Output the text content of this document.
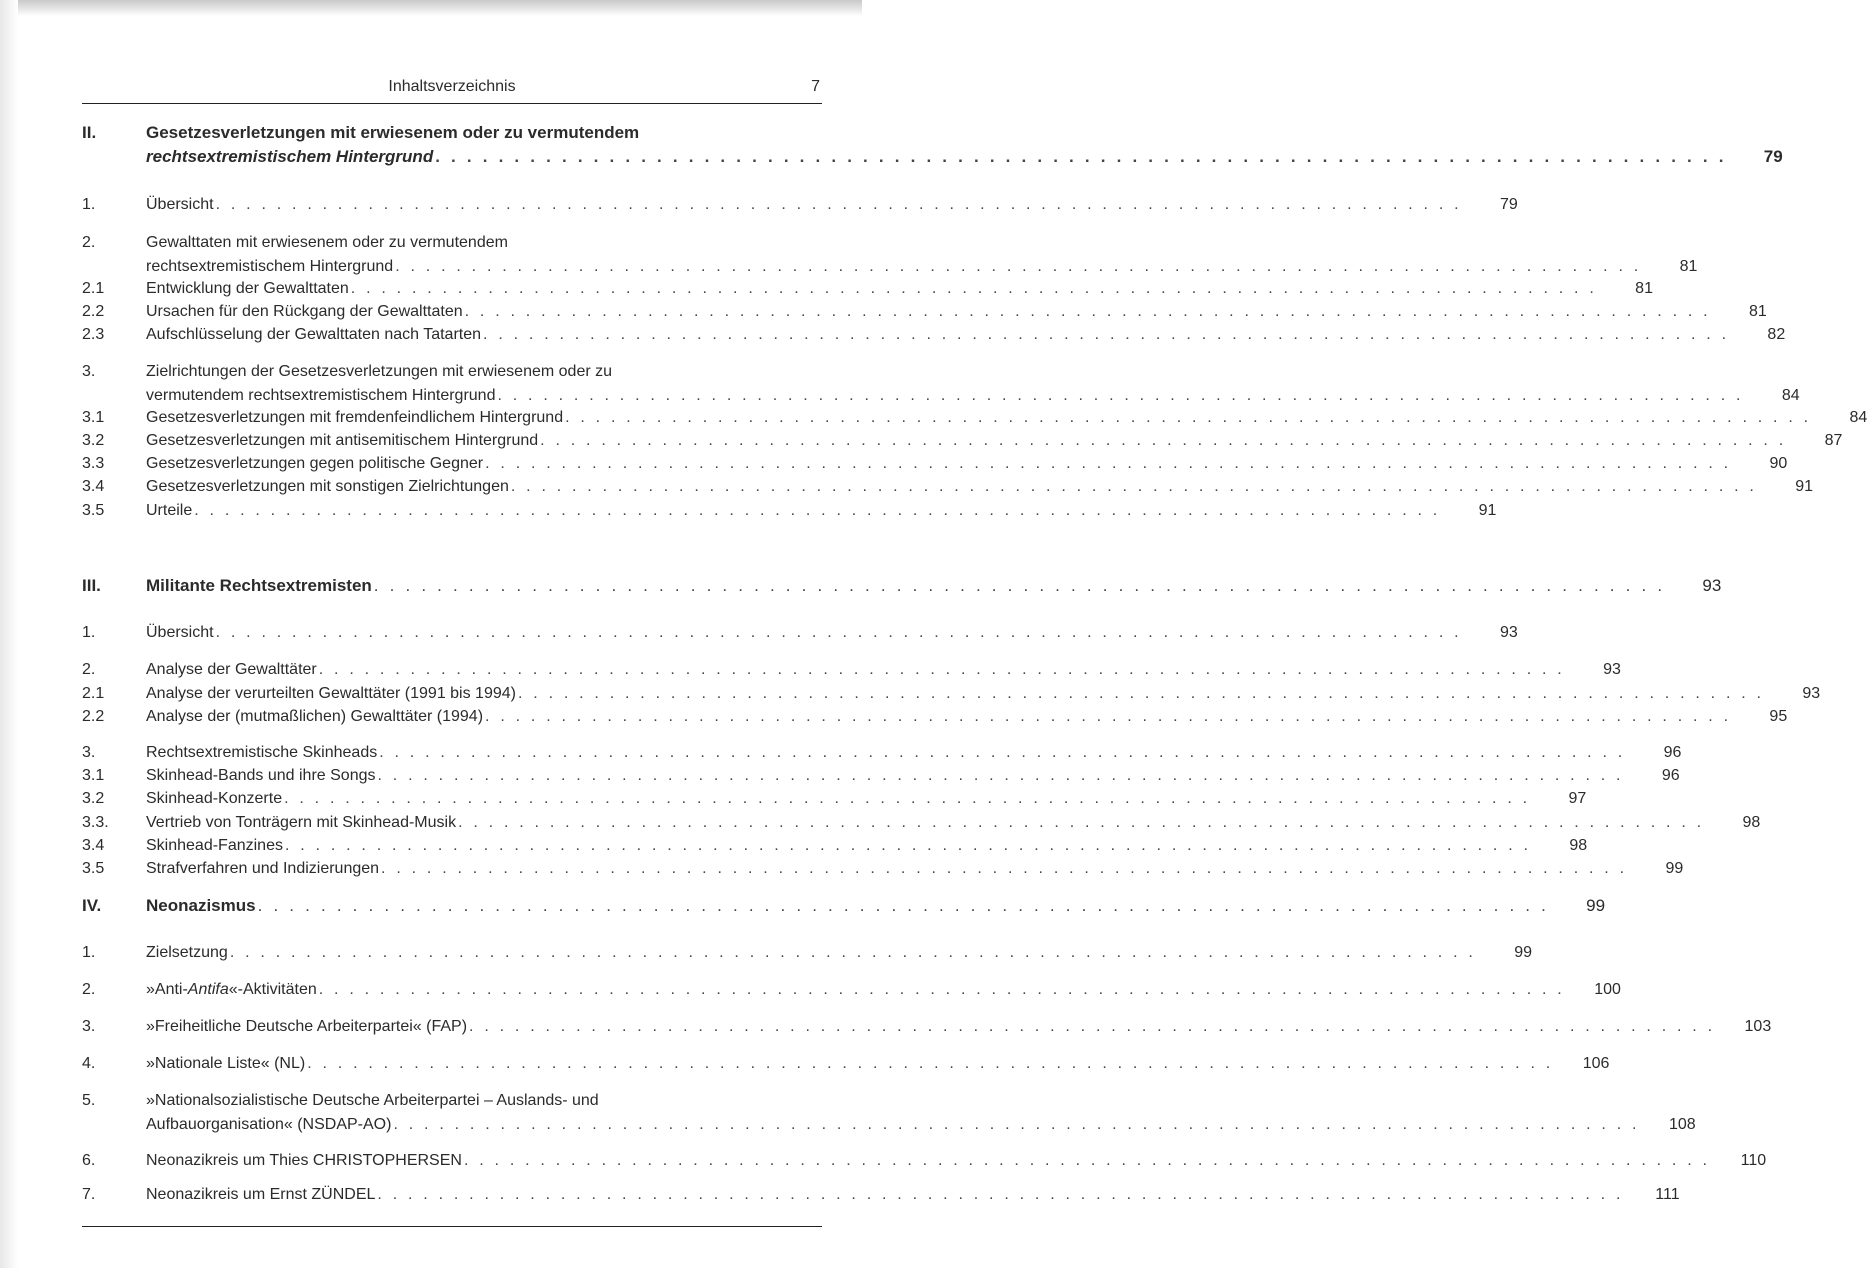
Inhaltsverzeichnis	7
II.	Gesetzesverletzungen mit erwiesenem oder zu vermutendem
rechtsextremistischem Hintergrund . . . . . . . . . . . . . . . . . . . . . . . . . . . . . . . . . . . . . . . . . . . . . . . . . . . . . . . . . . . . . . . . . . . . . . . . . . . . . . . . . .	79
1.	Übersicht . . . . . . . . . . . . . . . . . . . . . . . . . . . . . . . . . . . . . . . . . . . . . . . . . . . . . . . . . . . . . . . . . . . . . . . . . . . . . . . . . .	79
2.	Gewalttaten mit erwiesenem oder zu vermutendem
rechtsextremistischem Hintergrund . . . . . . . . . . . . . . . . . . . . . . . . . . . . . . . . . . . . . . . . . . . . . . . . . . . . . . . . . . . . . . . . . . . . . . . . . . . . . . . . . .	81
2.1	Entwicklung der Gewalttaten . . . . . . . . . . . . . . . . . . . . . . . . . . . . . . . . . . . . . . . . . . . . . . . . . . . . . . . . . . . . . . . . . . . . . . . . . . . . . . . . . .	81
2.2	Ursachen für den Rückgang der Gewalttaten . . . . . . . . . . . . . . . . . . . . . . . . . . . . . . . . . . . . . . . . . . . . . . . . . . . . . . . . . . . . . . . . . . . . . . . . . . . . . . . . . .	81
2.3	Aufschlüsselung der Gewalttaten nach Tatarten . . . . . . . . . . . . . . . . . . . . . . . . . . . . . . . . . . . . . . . . . . . . . . . . . . . . . . . . . . . . . . . . . . . . . . . . . . . . . . . . . .	82
3.	Zielrichtungen der Gesetzesverletzungen mit erwiesenem oder zu
vermutendem rechtsextremistischem Hintergrund . . . . . . . . . . . . . . . . . . . . . . . . . . . . . . . . . . . . . . . . . . . . . . . . . . . . . . . . . . . . . . . . . . . . . . . . . . . . . . . . . .	84
3.1	Gesetzesverletzungen mit fremdenfeindlichem Hintergrund . . . . . . . . . . . . . . . . . . . . . . . . . . . . . . . . . . . . . . . . . . . . . . . . . . . . . . . . . . . . . . . . . . . . . . . . . . . . . . . . . .	84
3.2	Gesetzesverletzungen mit antisemitischem Hintergrund . . . . . . . . . . . . . . . . . . . . . . . . . . . . . . . . . . . . . . . . . . . . . . . . . . . . . . . . . . . . . . . . . . . . . . . . . . . . . . . . . .	87
3.3	Gesetzesverletzungen gegen politische Gegner . . . . . . . . . . . . . . . . . . . . . . . . . . . . . . . . . . . . . . . . . . . . . . . . . . . . . . . . . . . . . . . . . . . . . . . . . . . . . . . . . .	90
3.4	Gesetzesverletzungen mit sonstigen Zielrichtungen . . . . . . . . . . . . . . . . . . . . . . . . . . . . . . . . . . . . . . . . . . . . . . . . . . . . . . . . . . . . . . . . . . . . . . . . . . . . . . . . . .	91
3.5	Urteile . . . . . . . . . . . . . . . . . . . . . . . . . . . . . . . . . . . . . . . . . . . . . . . . . . . . . . . . . . . . . . . . . . . . . . . . . . . . . . . . . .	91
III.	Militante Rechtsextremisten . . . . . . . . . . . . . . . . . . . . . . . . . . . . . . . . . . . . . . . . . . . . . . . . . . . . . . . . . . . . . . . . . . . . . . . . . . . . . . . . . .	93
1.	Übersicht . . . . . . . . . . . . . . . . . . . . . . . . . . . . . . . . . . . . . . . . . . . . . . . . . . . . . . . . . . . . . . . . . . . . . . . . . . . . . . . . . .	93
2.	Analyse der Gewalttäter . . . . . . . . . . . . . . . . . . . . . . . . . . . . . . . . . . . . . . . . . . . . . . . . . . . . . . . . . . . . . . . . . . . . . . . . . . . . . . . . . .	93
2.1	Analyse der verurteilten Gewalttäter (1991 bis 1994) . . . . . . . . . . . . . . . . . . . . . . . . . . . . . . . . . . . . . . . . . . . . . . . . . . . . . . . . . . . . . . . . . . . . . . . . . . . . . . . . . .	93
2.2	Analyse der (mutmaßlichen) Gewalttäter (1994) . . . . . . . . . . . . . . . . . . . . . . . . . . . . . . . . . . . . . . . . . . . . . . . . . . . . . . . . . . . . . . . . . . . . . . . . . . . . . . . . . .	95
3.	Rechtsextremistische Skinheads . . . . . . . . . . . . . . . . . . . . . . . . . . . . . . . . . . . . . . . . . . . . . . . . . . . . . . . . . . . . . . . . . . . . . . . . . . . . . . . . . .	96
3.1	Skinhead-Bands und ihre Songs . . . . . . . . . . . . . . . . . . . . . . . . . . . . . . . . . . . . . . . . . . . . . . . . . . . . . . . . . . . . . . . . . . . . . . . . . . . . . . . . . .	96
3.2	Skinhead-Konzerte . . . . . . . . . . . . . . . . . . . . . . . . . . . . . . . . . . . . . . . . . . . . . . . . . . . . . . . . . . . . . . . . . . . . . . . . . . . . . . . . . .	97
3.3.	Vertrieb von Tonträgern mit Skinhead-Musik . . . . . . . . . . . . . . . . . . . . . . . . . . . . . . . . . . . . . . . . . . . . . . . . . . . . . . . . . . . . . . . . . . . . . . . . . . . . . . . . . .	98
3.4	Skinhead-Fanzines . . . . . . . . . . . . . . . . . . . . . . . . . . . . . . . . . . . . . . . . . . . . . . . . . . . . . . . . . . . . . . . . . . . . . . . . . . . . . . . . . .	98
3.5	Strafverfahren und Indizierungen . . . . . . . . . . . . . . . . . . . . . . . . . . . . . . . . . . . . . . . . . . . . . . . . . . . . . . . . . . . . . . . . . . . . . . . . . . . . . . . . . .	99
IV.	Neonazismus . . . . . . . . . . . . . . . . . . . . . . . . . . . . . . . . . . . . . . . . . . . . . . . . . . . . . . . . . . . . . . . . . . . . . . . . . . . . . . . . . .	99
1.	Zielsetzung . . . . . . . . . . . . . . . . . . . . . . . . . . . . . . . . . . . . . . . . . . . . . . . . . . . . . . . . . . . . . . . . . . . . . . . . . . . . . . . . . .	99
2.	»Anti-Antifa«-Aktivitäten . . . . . . . . . . . . . . . . . . . . . . . . . . . . . . . . . . . . . . . . . . . . . . . . . . . . . . . . . . . . . . . . . . . . . . . . . . . . . . . . . .	100
3.	»Freiheitliche Deutsche Arbeiterpartei« (FAP) . . . . . . . . . . . . . . . . . . . . . . . . . . . . . . . . . . . . . . . . . . . . . . . . . . . . . . . . . . . . . . . . . . . . . . . . . . . . . . . . . .	103
4.	»Nationale Liste« (NL) . . . . . . . . . . . . . . . . . . . . . . . . . . . . . . . . . . . . . . . . . . . . . . . . . . . . . . . . . . . . . . . . . . . . . . . . . . . . . . . . . .	106
5.	»Nationalsozialistische Deutsche Arbeiterpartei – Auslands- und
Aufbauorganisation« (NSDAP-AO) . . . . . . . . . . . . . . . . . . . . . . . . . . . . . . . . . . . . . . . . . . . . . . . . . . . . . . . . . . . . . . . . . . . . . . . . . . . . . . . . . .	108
6.	Neonazikreis um Thies CHRISTOPHERSEN . . . . . . . . . . . . . . . . . . . . . . . . . . . . . . . . . . . . . . . . . . . . . . . . . . . . . . . . . . . . . . . . . . . . . . . . . . . . . . . . . .	110
7.	Neonazikreis um Ernst ZÜNDEL . . . . . . . . . . . . . . . . . . . . . . . . . . . . . . . . . . . . . . . . . . . . . . . . . . . . . . . . . . . . . . . . . . . . . . . . . . . . . . . . . .	111
